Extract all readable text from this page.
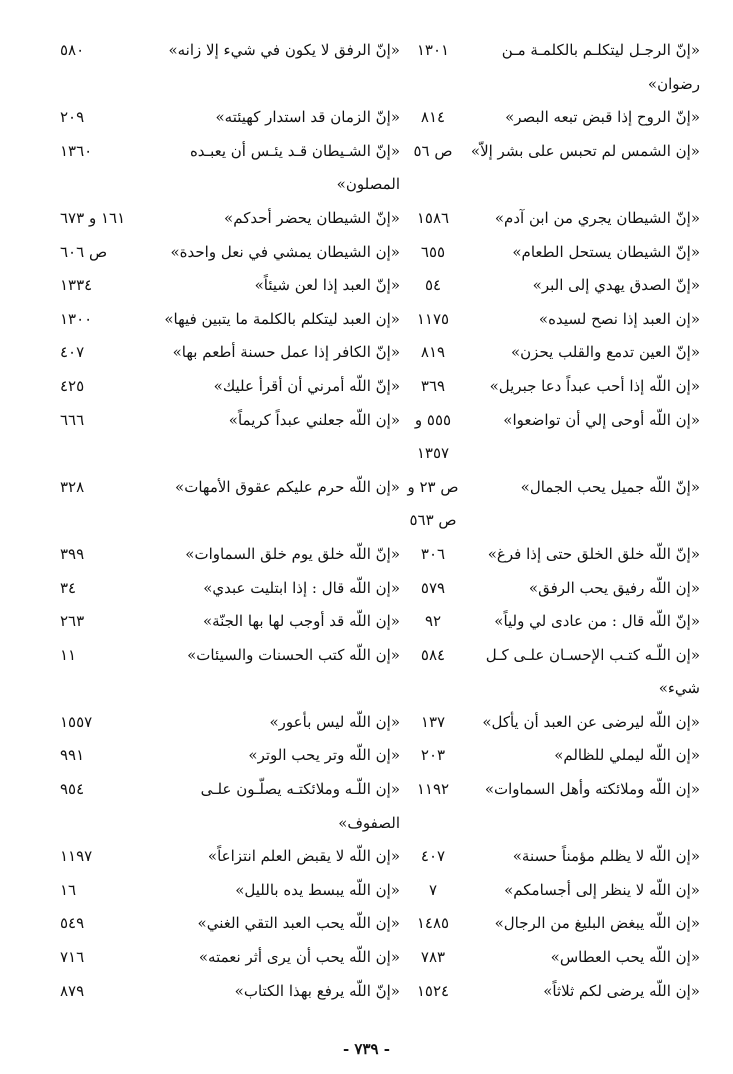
«إنّ الرجـل ليتكلـم بالكلمـة مـن
١٣٠١
«إنّ الرفق لا يكون في شيء إلا زانه»
٥٨٠
رضوان»
«إنّ الروح إذا قبض تبعه البصر»
٨١٤
«إنّ الزمان قد استدار كهيئته»
٢٠٩
«إن الشمس لم تحبس على بشر إلاّ»
ص ٥٦
«إنّ الشـيطان قـد يئـس أن يعبـده
١٣٦٠
المصلون»
«إنّ الشيطان يجري من ابن آدم»
١٥٨٦
«إنّ الشيطان يحضر أحدكم»
١٦١ و ٦٧٣
«إنّ الشيطان يستحل الطعام»
٦٥٥
«إن الشيطان يمشي في نعل واحدة»
ص ٦٠٦
«إنّ الصدق يهدي إلى البر»
٥٤
«إنّ العبد إذا لعن شيئاً»
١٣٣٤
«إن العبد إذا نصح لسيده»
١١٧٥
«إن العبد ليتكلم بالكلمة ما يتبين فيها»
١٣٠٠
«إنّ العين تدمع والقلب يحزن»
٨١٩
«إنّ الكافر إذا عمل حسنة أطعم بها»
٤٠٧
«إن اللّه إذا أحب عبداً دعا جبريل»
٣٦٩
«إنّ اللّه أمرني أن أقرأ عليك»
٤٢٥
«إن اللّه أوحى إلي أن تواضعوا»
٥٥٥ و
«إن اللّه جعلني عبداً كريماً»
٦٦٦
١٣٥٧
«إنّ اللّه جميل يحب الجمال»
ص ٢٣ و
«إن اللّه حرم عليكم عقوق الأمهات»
٣٢٨
ص ٥٦٣
«إنّ اللّه خلق الخلق حتى إذا فرغ»
٣٠٦
«إنّ اللّه خلق يوم خلق السماوات»
٣٩٩
«إن اللّه رفيق يحب الرفق»
٥٧٩
«إن اللّه قال : إذا ابتليت عبدي»
٣٤
«إنّ اللّه قال : من عادى لي ولياً»
٩٢
«إن اللّه قد أوجب لها بها الجنّة»
٢٦٣
«إن اللّـه كتـب الإحسـان علـى كـل
٥٨٤
«إن اللّه كتب الحسنات والسيئات»
١١
شيء»
«إن اللّه ليرضى عن العبد أن يأكل»
١٣٧
«إن اللّه ليس بأعور»
١٥٥٧
«إن اللّه ليملي للظالم»
٢٠٣
«إن اللّه وتر يحب الوتر»
٩٩١
«إن اللّه وملائكته وأهل السماوات»
١١٩٢
«إن اللّـه وملائكتـه يصلّـون علـى
٩٥٤
الصفوف»
«إن اللّه لا يظلم مؤمناً حسنة»
٤٠٧
«إن اللّه لا يقبض العلم انتزاعاً»
١١٩٧
«إن اللّه لا ينظر إلى أجسامكم»
٧
«إن اللّه يبسط يده بالليل»
١٦
«إن اللّه يبغض البليغ من الرجال»
١٤٨٥
«إن اللّه يحب العبد التقي الغني»
٥٤٩
«إن اللّه يحب العطاس»
٧٨٣
«إن اللّه يحب أن يرى أثر نعمته»
٧١٦
«إن اللّه يرضى لكم ثلاثاً»
١٥٢٤
«إنّ اللّه يرفع بهذا الكتاب»
٨٧٩
- ٧٣٩ -
